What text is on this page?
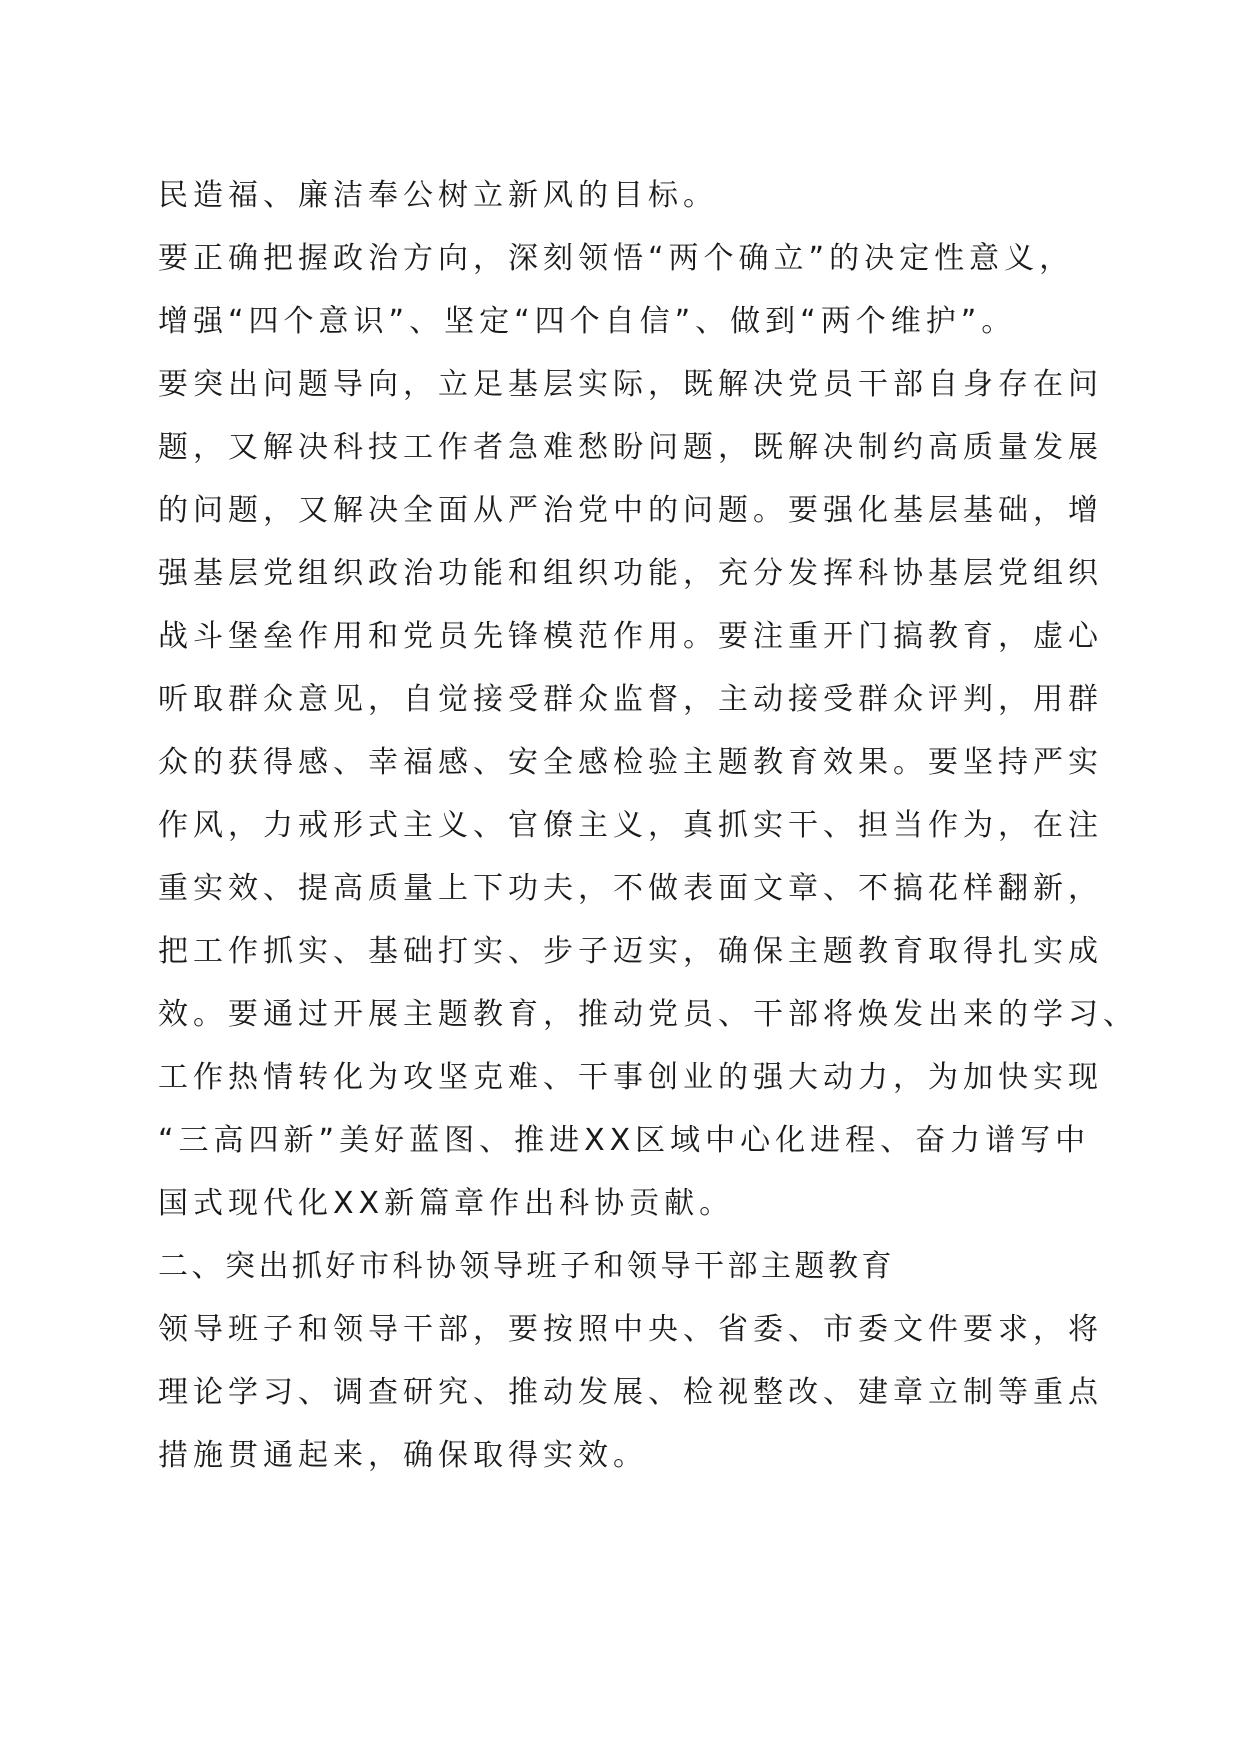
民造福、廉洁奉公树立新风的目标。
要正确把握政治方向，深刻领悟“两个确立”的决定性意义，
增强“四个意识”、坚定“四个自信”、做到“两个维护”。
要突出问题导向，立足基层实际，既解决党员干部自身存在问
题，又解决科技工作者急难愁盼问题，既解决制约高质量发展
的问题，又解决全面从严治党中的问题。要强化基层基础，增
强基层党组织政治功能和组织功能，充分发挥科协基层党组织
战斗堡垒作用和党员先锋模范作用。要注重开门搞教育，虚心
听取群众意见，自觉接受群众监督，主动接受群众评判，用群
众的获得感、幸福感、安全感检验主题教育效果。要坚持严实
作风，力戒形式主义、官僚主义，真抓实干、担当作为，在注
重实效、提高质量上下功夫，不做表面文章、不搞花样翻新，
把工作抓实、基础打实、步子迈实，确保主题教育取得扎实成
效。要通过开展主题教育，推动党员、干部将焕发出来的学习、
工作热情转化为攻坚克难、干事创业的强大动力，为加快实现
“三高四新”美好蓝图、推进XX区域中心化进程、奋力谱写中
国式现代化XX新篇章作出科协贡献。
二、突出抓好市科协领导班子和领导干部主题教育
领导班子和领导干部，要按照中央、省委、市委文件要求，将
理论学习、调查研究、推动发展、检视整改、建章立制等重点
措施贯通起来，确保取得实效。
